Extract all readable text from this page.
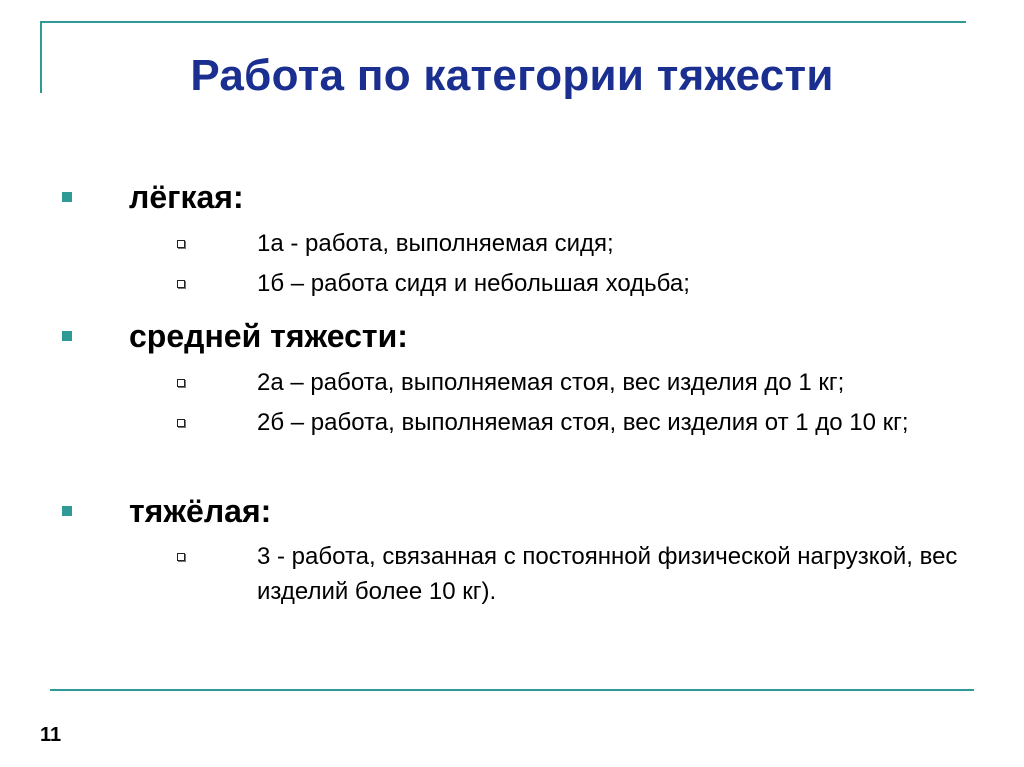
Работа по категории тяжести
лёгкая:
1а - работа, выполняемая сидя;
1б – работа сидя и небольшая ходьба;
средней тяжести:
2а – работа, выполняемая стоя, вес изделия до 1 кг;
2б – работа, выполняемая стоя, вес изделия от 1 до 10 кг;
тяжёлая:
3 - работа, связанная с постоянной физической нагрузкой, вес изделий более 10 кг).
11
